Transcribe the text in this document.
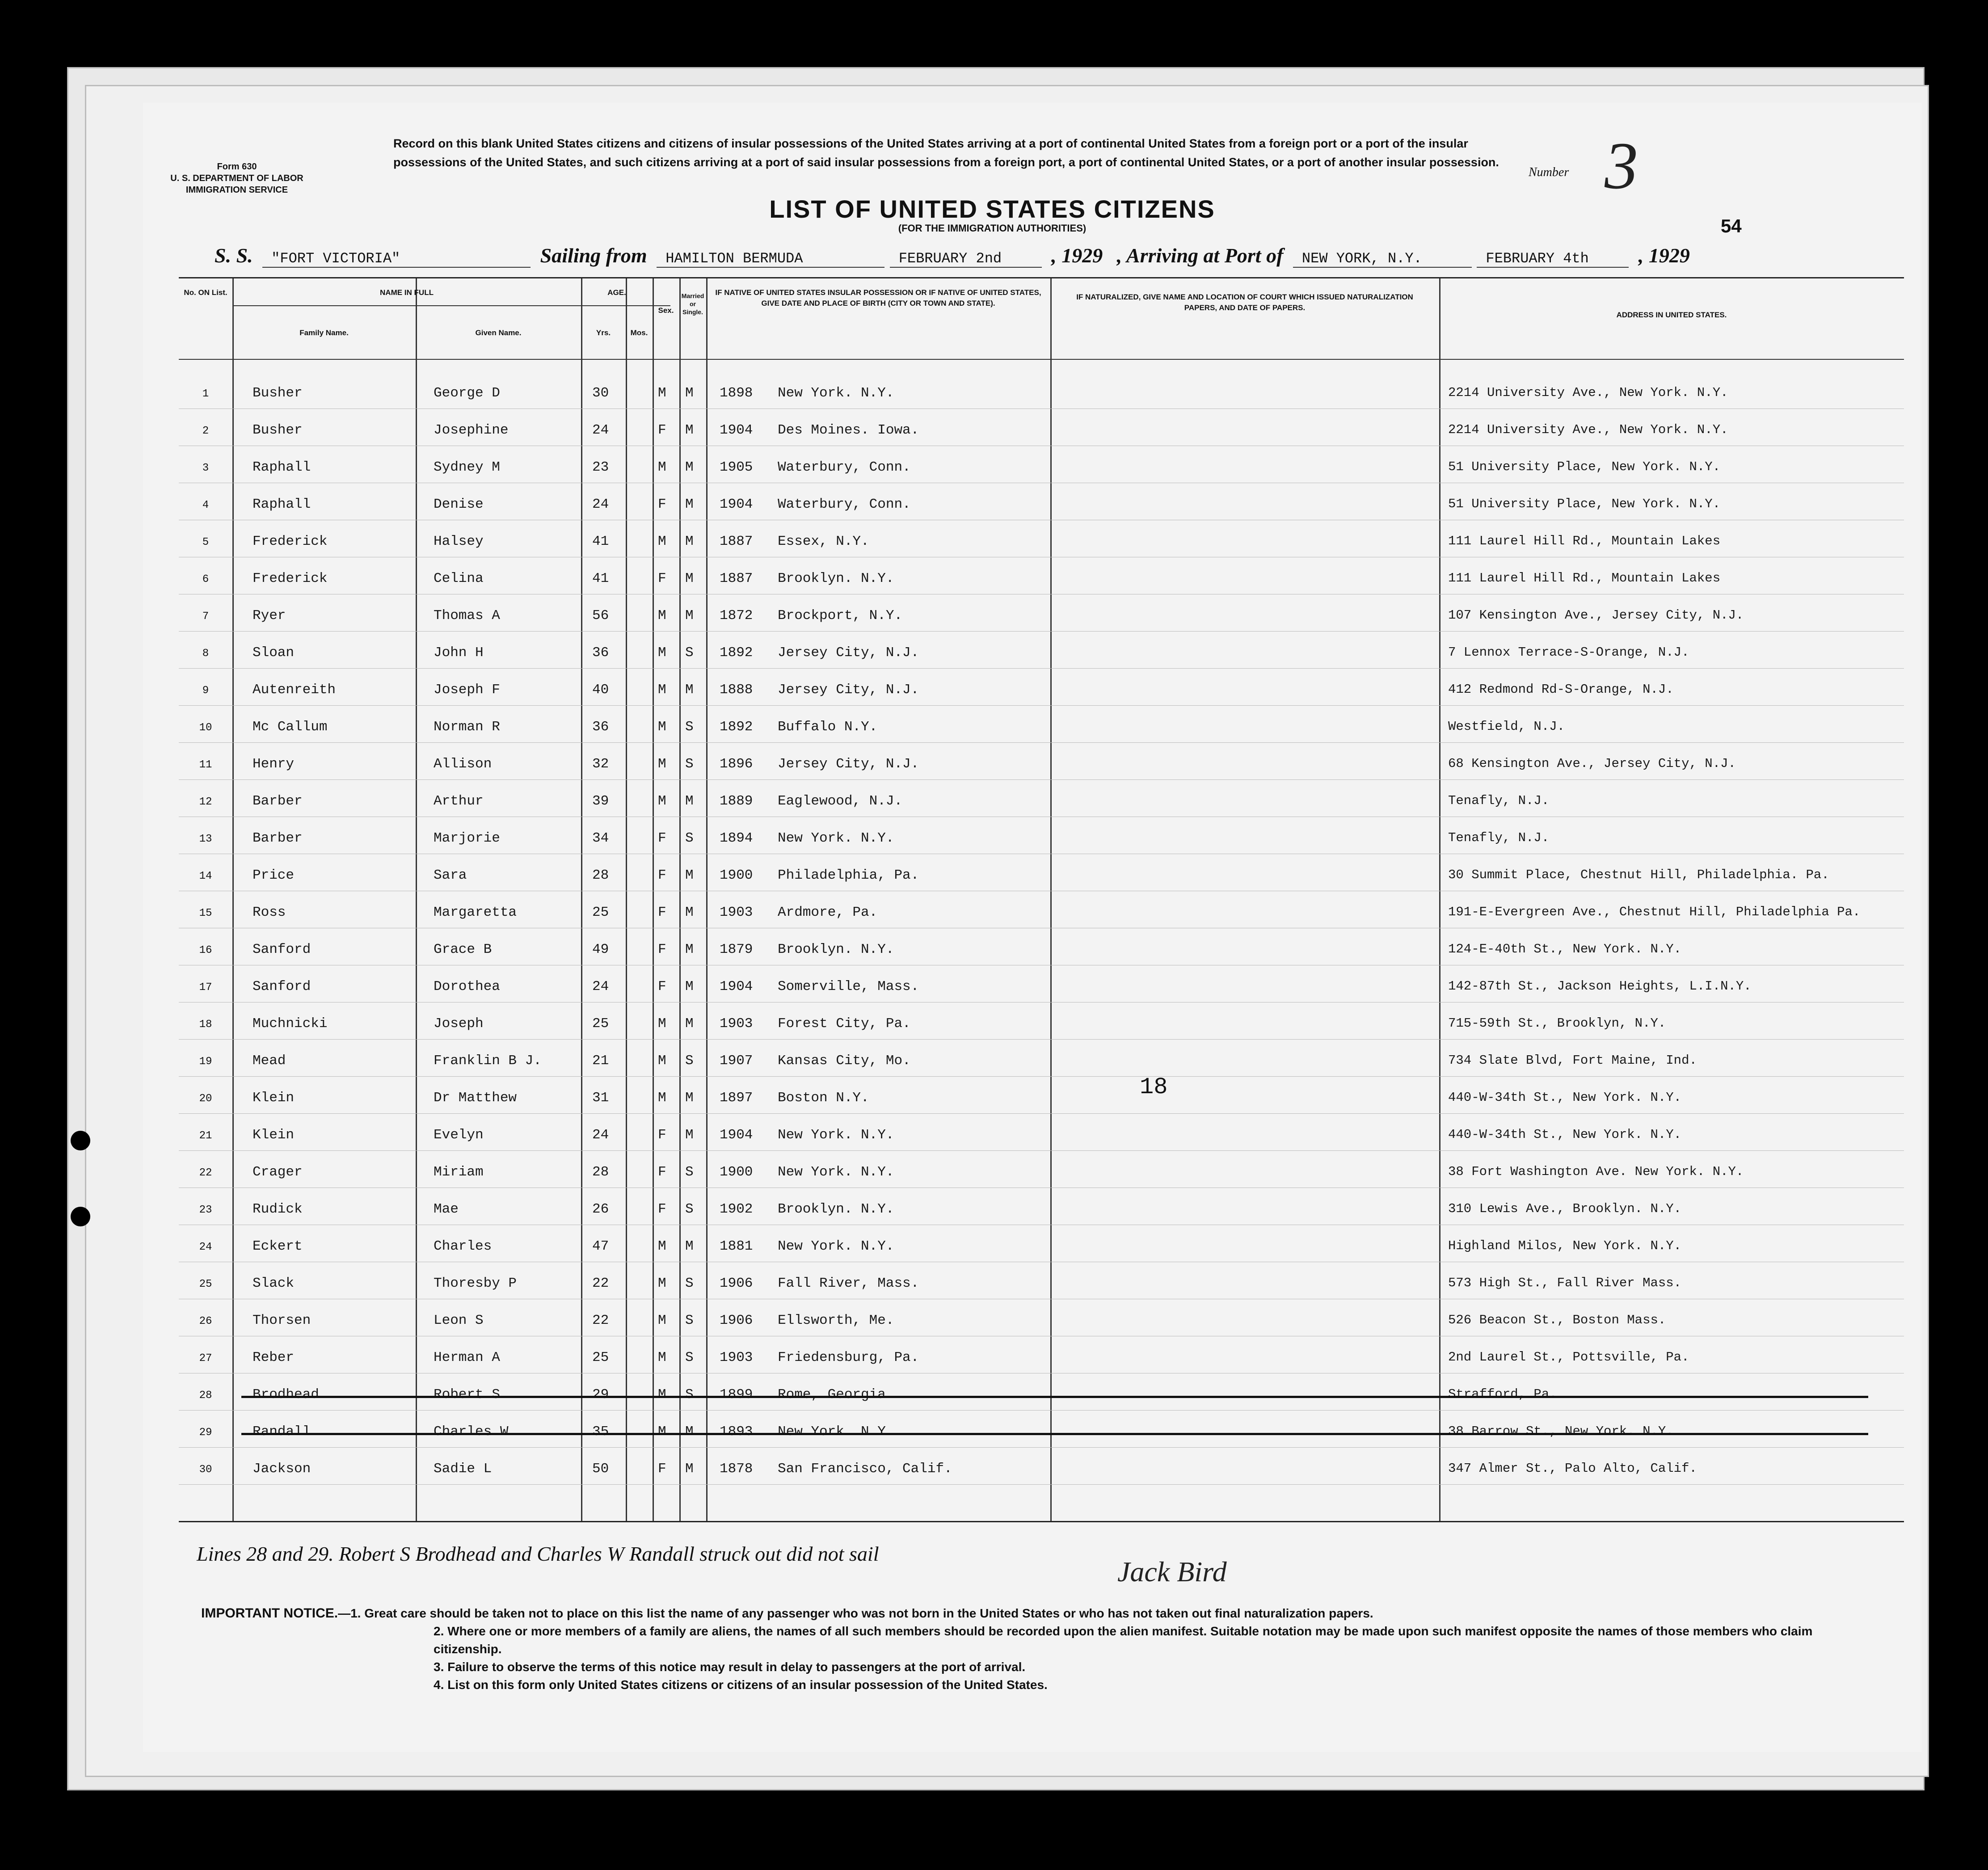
Form 630
U. S. DEPARTMENT OF LABOR
IMMIGRATION SERVICE
Record on this blank United States citizens and citizens of insular possessions of the United States arriving at a port of continental United States from a foreign port or a port of the insular possessions of the United States, and such citizens arriving at a port of said insular possessions from a foreign port, a port of continental United States, or a port of another insular possession.
Number 3
LIST OF UNITED STATES CITIZENS
(FOR THE IMMIGRATION AUTHORITIES)	54
S. S. "FORT VICTORIA"	Sailing from HAMILTON BERMUDA	FEBRUARY 2nd , 1929 , Arriving at Port of NEW YORK, N.Y.	FEBRUARY 4th , 1929
No. ON List.	NAME IN FULL
Family Name.	Given Name.
AGE.
Yrs.	Mos.
Sex.
Married or Single.
IF NATIVE OF UNITED STATES INSULAR POSSESSION OR IF NATIVE OF UNITED STATES, GIVE DATE AND PLACE OF BIRTH (CITY OR TOWN AND STATE).
IF NATURALIZED, GIVE NAME AND LOCATION OF COURT WHICH ISSUED NATURALIZATION PAPERS, AND DATE OF PAPERS.
ADDRESS IN UNITED STATES.
1	Busher	George D	30	M M 1898 New York. N.Y.	2214 University Ave., New York. N.Y.
2	Busher	Josephine	24	F M 1904 Des Moines. Iowa.	2214 University Ave., New York. N.Y.
3	Raphall	Sydney M	23	M M 1905 Waterbury, Conn.	51 University Place, New York. N.Y.
4	Raphall	Denise	24	F M 1904 Waterbury, Conn.	51 University Place, New York. N.Y.
5	Frederick	Halsey	41	M M 1887 Essex, N.Y.	111 Laurel Hill Rd., Mountain Lakes
6	Frederick	Celina	41	F M 1887 Brooklyn. N.Y.	111 Laurel Hill Rd., Mountain Lakes
7	Ryer	Thomas A	56	M M 1872 Brockport, N.Y.	107 Kensington Ave., Jersey City, N.J.
8	Sloan	John H	36	M S 1892 Jersey City, N.J.	7 Lennox Terrace-S-Orange, N.J.
9	Autenreith	Joseph F	40	M M 1888 Jersey City, N.J.	412 Redmond Rd-S-Orange, N.J.
10	Mc Callum	Norman R	36	M S 1892 Buffalo N.Y.	Westfield, N.J.
11	Henry	Allison	32	M S 1896 Jersey City, N.J.	68 Kensington Ave., Jersey City, N.J.
12	Barber	Arthur	39	M M 1889 Eaglewood, N.J.	Tenafly, N.J.
13	Barber	Marjorie	34	F S 1894 New York. N.Y.	Tenafly, N.J.
14	Price	Sara	28	F M 1900 Philadelphia, Pa.	30 Summit Place, Chestnut Hill, Philadelphia. Pa.
15	Ross	Margaretta	25	F M 1903 Ardmore, Pa.	191-E-Evergreen Ave., Chestnut Hill, Philadelphia Pa.
16	Sanford	Grace B	49	F M 1879 Brooklyn. N.Y.	124-E-40th St., New York. N.Y.
17	Sanford	Dorothea	24	F M 1904 Somerville, Mass.	142-87th St., Jackson Heights, L.I.N.Y.
18	Muchnicki	Joseph	25	M M 1903 Forest City, Pa.	715-59th St., Brooklyn, N.Y.
19	Mead	Franklin B J.	21	M S 1907 Kansas City, Mo.	734 Slate Blvd, Fort Maine, Ind.
20	Klein	Dr Matthew	31	M M 1897 Boston N.Y.	440-W-34th St., New York. N.Y.
21	Klein	Evelyn	24	F M 1904 New York. N.Y.	440-W-34th St., New York. N.Y.
22	Crager	Miriam	28	F S 1900 New York. N.Y.	38 Fort Washington Ave. New York. N.Y.
23	Rudick	Mae	26	F S 1902 Brooklyn. N.Y.	310 Lewis Ave., Brooklyn. N.Y.
24	Eckert	Charles	47	M M 1881 New York. N.Y.	Highland Milos, New York. N.Y.
25	Slack	Thoresby P	22	M S 1906 Fall River, Mass.	573 High St., Fall River Mass.
26	Thorsen	Leon S	22	M S 1906 Ellsworth, Me.	526 Beacon St., Boston Mass.
27	Reber	Herman A	25	M S 1903 Friedensburg, Pa.	2nd Laurel St., Pottsville, Pa.
28	Brodhead	Robert S	29	M S 1899 Rome, Georgia.	Strafford, Pa.
29	Randall	Charles W	35	M M 1893 New York. N.Y.	38 Barrow St., New York. N.Y.
30	Jackson	Sadie L	50	F M 1878 San Francisco, Calif.	347 Almer St., Palo Alto, Calif.
18
Lines 28 and 29. Robert S Brodhead and Charles W Randall struck out did not sail
Jack Bird
IMPORTANT NOTICE.—1. Great care should be taken not to place on this list the name of any passenger who was not born in the United States or who has not taken out final naturalization papers.
2. Where one or more members of a family are aliens, the names of all such members should be recorded upon the alien manifest. Suitable notation may be made upon such manifest opposite the names of those members who claim citizenship.
3. Failure to observe the terms of this notice may result in delay to passengers at the port of arrival.
4. List on this form only United States citizens or citizens of an insular possession of the United States.
